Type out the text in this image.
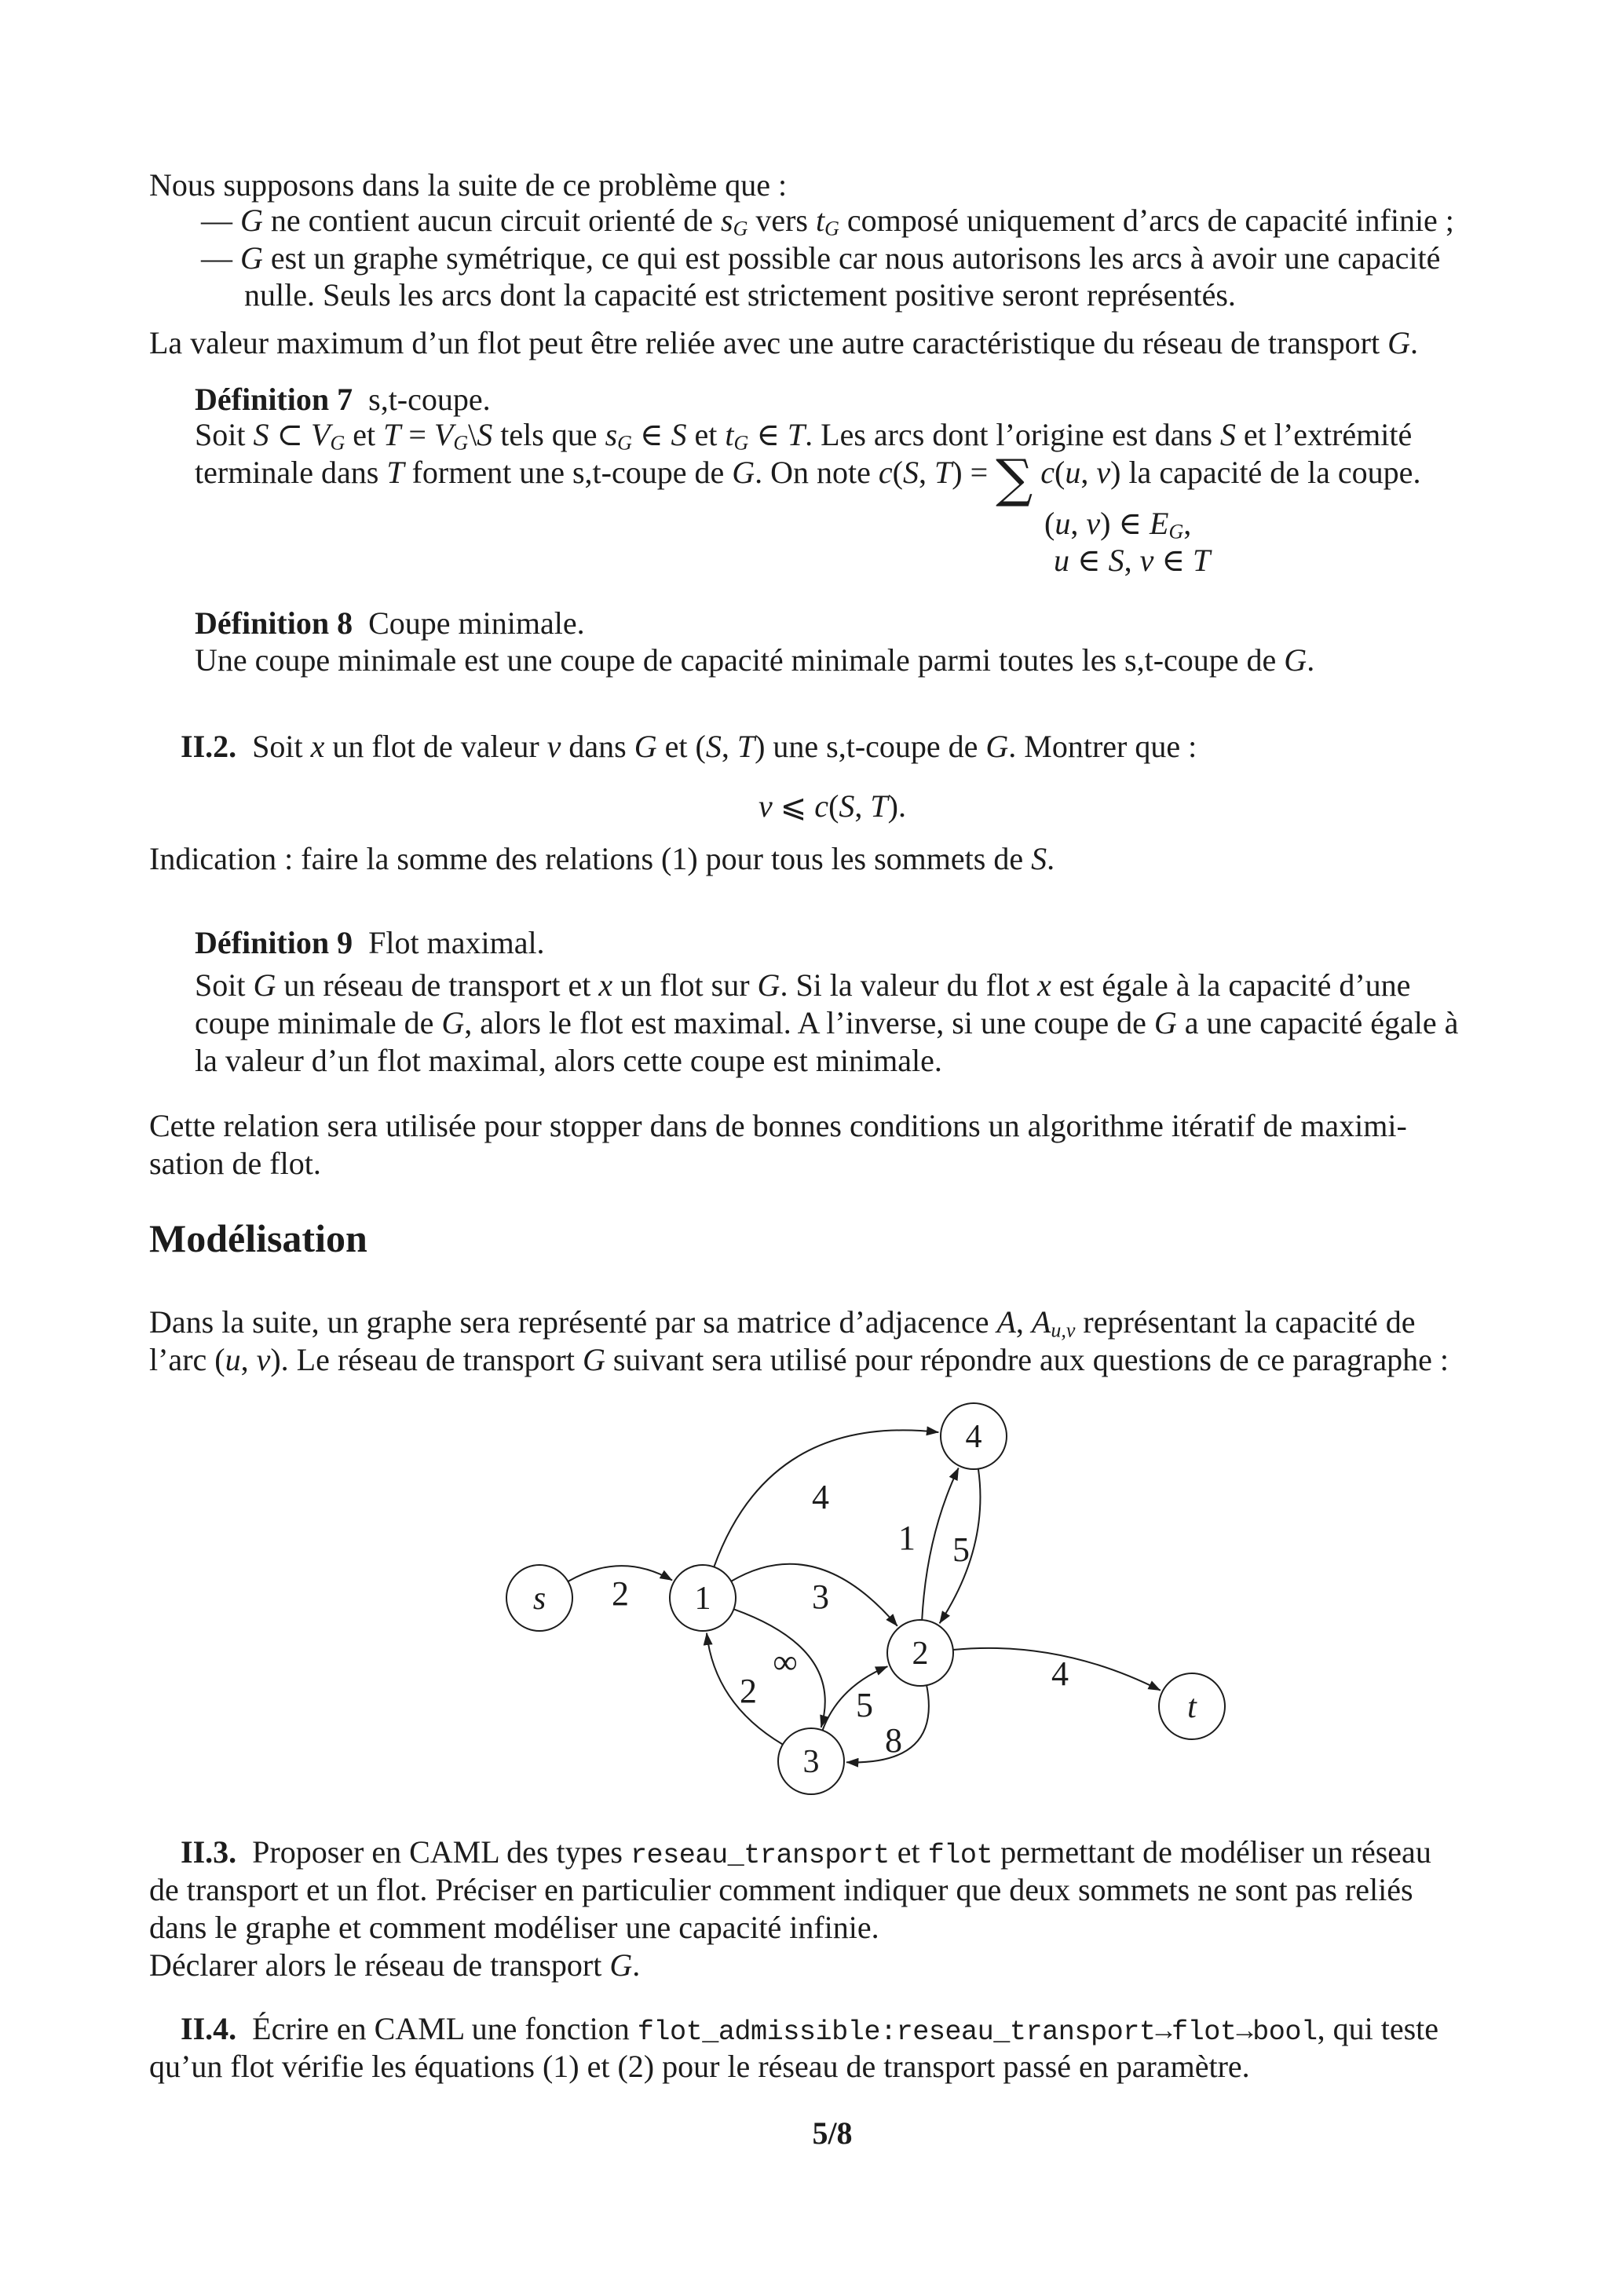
Nous supposons dans la suite de ce problème que :
— G ne contient aucun circuit orienté de $s_G$ vers $t_G$ composé uniquement d’arcs de capacité infinie ;
— G est un graphe symétrique, ce qui est possible car nous autorisons les arcs à avoir une capacité
nulle. Seuls les arcs dont la capacité est strictement positive seront représentés.
La valeur maximum d’un flot peut être reliée avec une autre caractéristique du réseau de transport G.
Définition 7  s,t-coupe.
Soit S ⊂ $V_G$ et $T = V_G\backslash S$ tels que $s_G$ ∈ S et $t_G$ ∈ T. Les arcs dont l’origine est dans S et l’extrémité
terminale dans T forment une s,t-coupe de G. On note c(S, T) = ∑ c(u, v) la capacité de la coupe.
(u, v) ∈ $E_G$,
u ∈ S, v ∈ T
Définition 8  Coupe minimale.
Une coupe minimale est une coupe de capacité minimale parmi toutes les s,t-coupe de G.
II.2.  Soit x un flot de valeur ν dans G et (S, T) une s,t-coupe de G. Montrer que :
ν ⩽ c(S, T).
Indication : faire la somme des relations (1) pour tous les sommets de S.
Définition 9  Flot maximal.
Soit G un réseau de transport et x un flot sur G. Si la valeur du flot x est égale à la capacité d’une
coupe minimale de G, alors le flot est maximal. A l’inverse, si une coupe de G a une capacité égale à
la valeur d’un flot maximal, alors cette coupe est minimale.
Cette relation sera utilisée pour stopper dans de bonnes conditions un algorithme itératif de maximi-
sation de flot.
Modélisation
Dans la suite, un graphe sera représenté par sa matrice d’adjacence A, $A_{u,v}$ représentant la capacité de
l’arc (u, v). Le réseau de transport G suivant sera utilisé pour répondre aux questions de ce paragraphe :
2
4
3
1 5
∞
2	5
8
4
s	1
4
2
3
t
II.3.  Proposer en CAML des types reseau_transport et flot permettant de modéliser un réseau
de transport et un flot. Préciser en particulier comment indiquer que deux sommets ne sont pas reliés
dans le graphe et comment modéliser une capacité infinie.
Déclarer alors le réseau de transport G.
II.4.  Écrire en CAML une fonction flot_admissible:reseau_transport→flot→bool, qui teste
qu’un flot vérifie les équations (1) et (2) pour le réseau de transport passé en paramètre.
5/8
